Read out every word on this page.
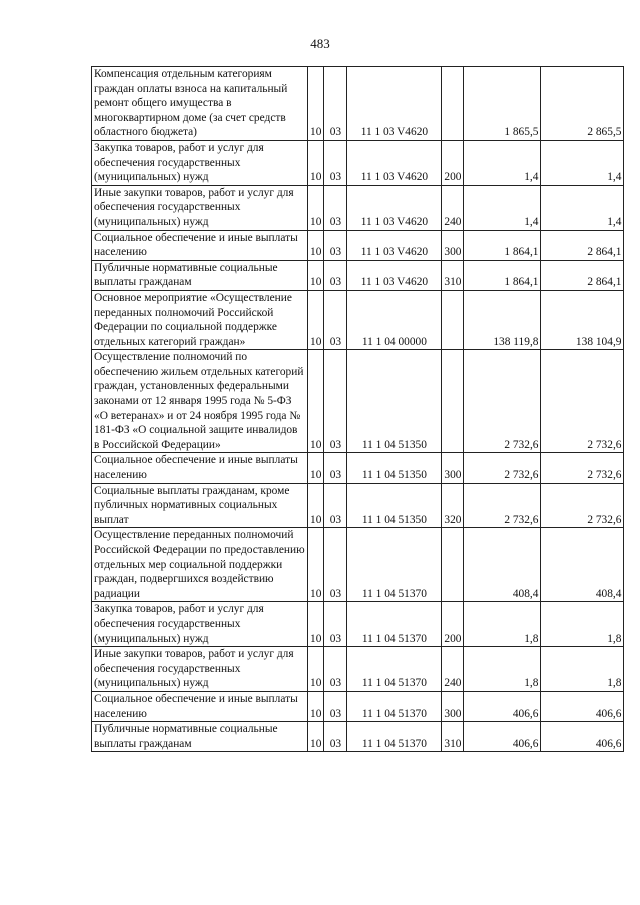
483
Компенсация отдельным категориям граждан оплаты взноса на капитальный ремонт общего имущества в многоквартирном доме (за счет средств областного бюджета)	10	03	11 1 03 V4620		1 865,5	2 865,5
Закупка товаров, работ и услуг для обеспечения государственных (муниципальных) нужд	10	03	11 1 03 V4620	200	1,4	1,4
Иные закупки товаров, работ и услуг для обеспечения государственных (муниципальных) нужд	10	03	11 1 03 V4620	240	1,4	1,4
Социальное обеспечение и иные выплаты населению	10	03	11 1 03 V4620	300	1 864,1	2 864,1
Публичные нормативные социальные выплаты гражданам	10	03	11 1 03 V4620	310	1 864,1	2 864,1
Основное мероприятие «Осуществление переданных полномочий Российской Федерации по социальной поддержке отдельных категорий граждан»	10	03	11 1 04 00000		138 119,8	138 104,9
Осуществление полномочий по обеспечению жильем отдельных категорий граждан, установленных федеральными законами от 12 января 1995 года № 5-ФЗ «О ветеранах» и от 24 ноября 1995 года № 181-ФЗ «О социальной защите инвалидов в Российской Федерации»	10	03	11 1 04 51350		2 732,6	2 732,6
Социальное обеспечение и иные выплаты населению	10	03	11 1 04 51350	300	2 732,6	2 732,6
Социальные выплаты гражданам, кроме публичных нормативных социальных выплат	10	03	11 1 04 51350	320	2 732,6	2 732,6
Осуществление переданных полномочий Российской Федерации по предоставлению отдельных мер социальной поддержки граждан, подвергшихся воздействию радиации	10	03	11 1 04 51370		408,4	408,4
Закупка товаров, работ и услуг для обеспечения государственных (муниципальных) нужд	10	03	11 1 04 51370	200	1,8	1,8
Иные закупки товаров, работ и услуг для обеспечения государственных (муниципальных) нужд	10	03	11 1 04 51370	240	1,8	1,8
Социальное обеспечение и иные выплаты населению	10	03	11 1 04 51370	300	406,6	406,6
Публичные нормативные социальные выплаты гражданам	10	03	11 1 04 51370	310	406,6	406,6
